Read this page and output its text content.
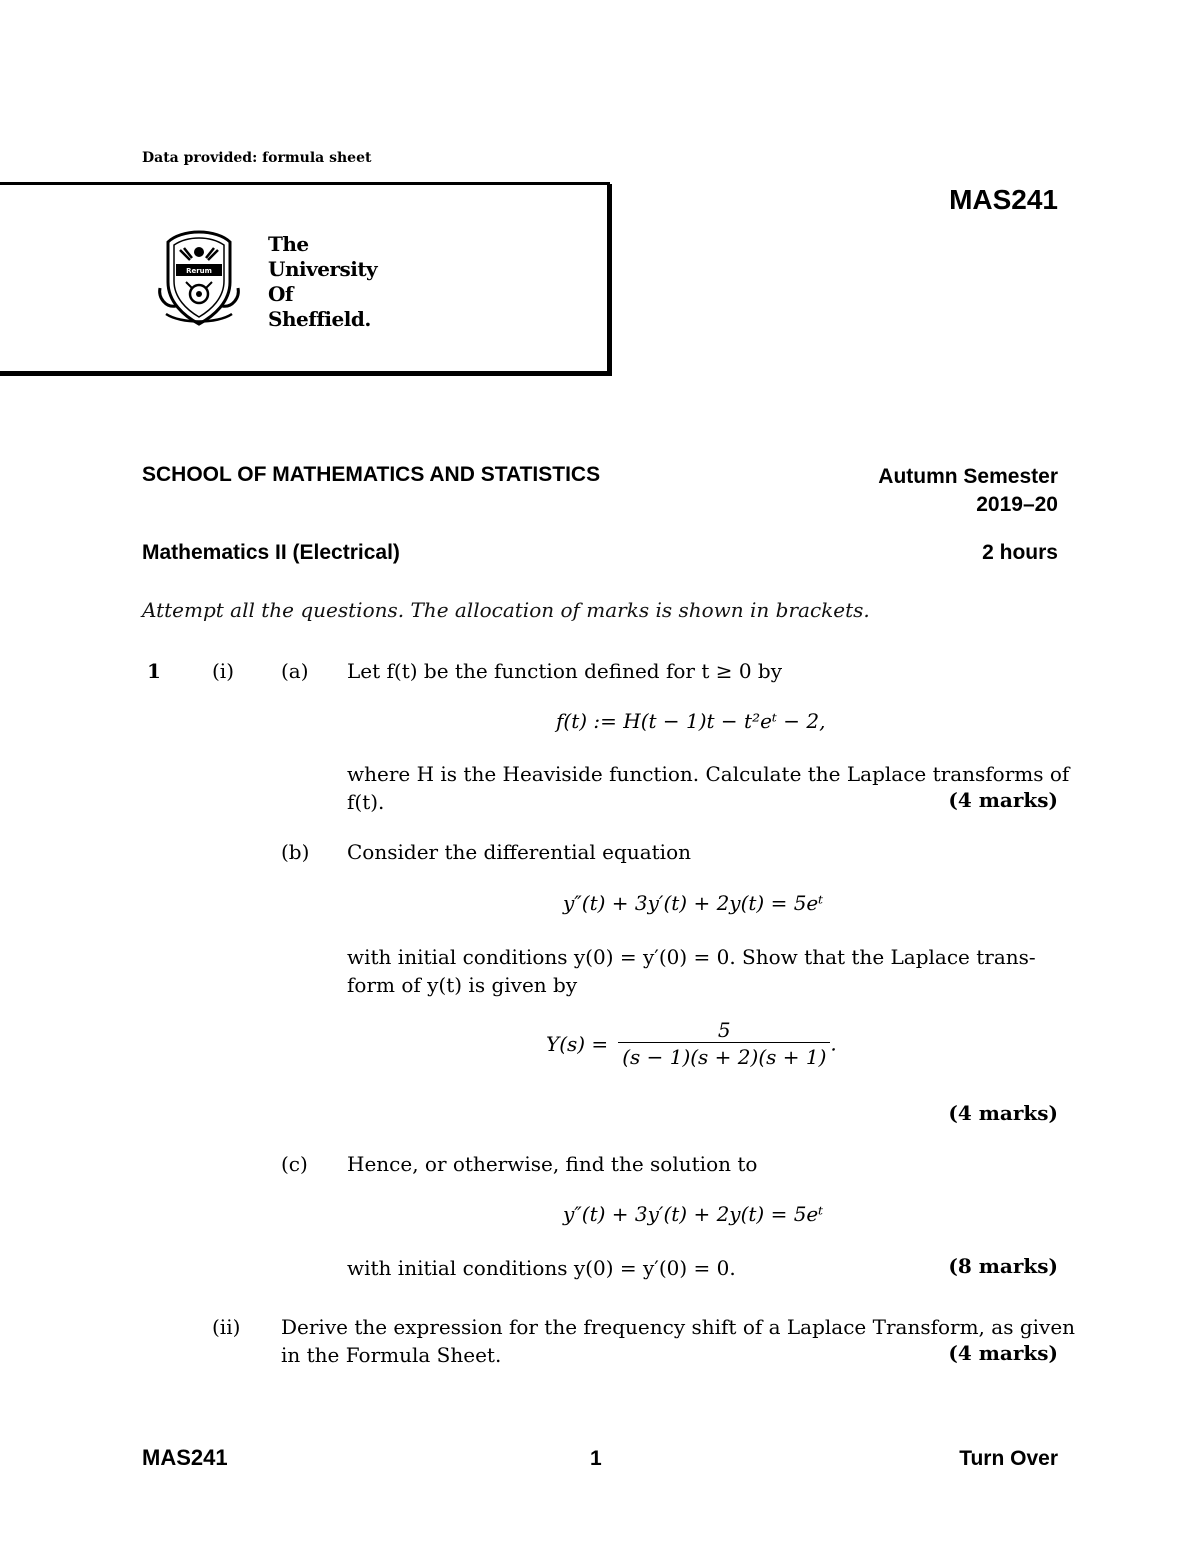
Data provided: formula sheet
Rerum
The
University
Of
Sheffield.
MAS241
SCHOOL OF MATHEMATICS AND STATISTICS	Autumn Semester
2019–20
Mathematics II (Electrical)	2 hours
Attempt all the questions. The allocation of marks is shown in brackets.
1	(i) (a) Let f(t) be the function defined for t ≥ 0 by
f(t) := H(t − 1)t − t²eᵗ − 2,
where H is the Heaviside function. Calculate the Laplace transforms of
f(t).	(4 marks)
(b) Consider the differential equation
y″(t) + 3y′(t) + 2y(t) = 5eᵗ
with initial conditions y(0) = y′(0) = 0. Show that the Laplace trans-
form of y(t) is given by
$Y(s) = \frac{5}{(s - 1)(s + 2)(s + 1)}$ .
(4 marks)
(c) Hence, or otherwise, find the solution to
y″(t) + 3y′(t) + 2y(t) = 5eᵗ
with initial conditions y(0) = y′(0) = 0.	(8 marks)
(ii) Derive the expression for the frequency shift of a Laplace Transform, as given
in the Formula Sheet.	(4 marks)
MAS241	1	Turn Over
